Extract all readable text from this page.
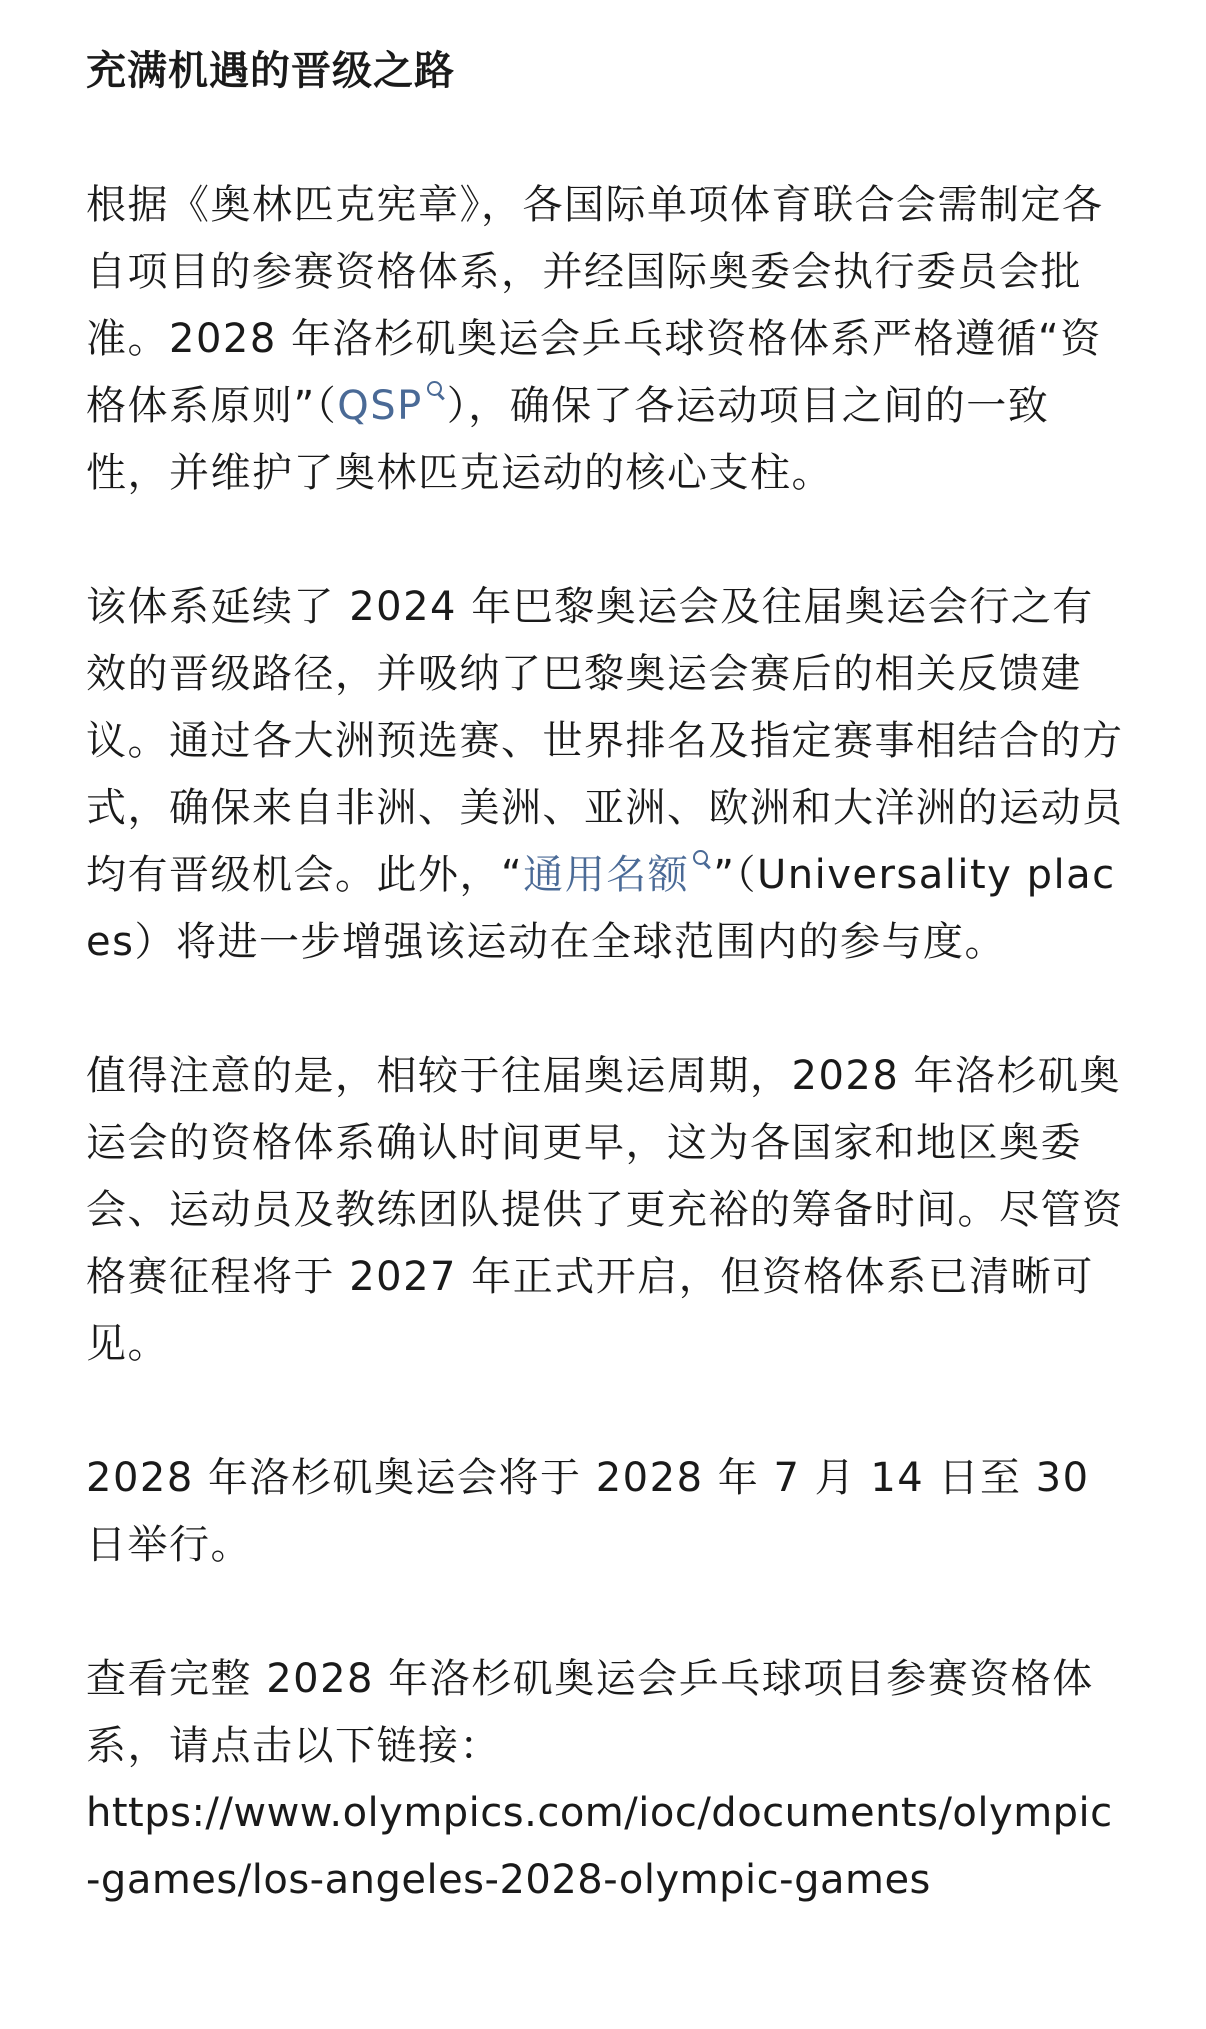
充满机遇的晋级之路

根据《奥林匹克宪章》，各国际单项体育联合会需制定各自项目的参赛资格体系，并经国际奥委会执行委员会批准。2028 年洛杉矶奥运会乒乓球资格体系严格遵循“资格体系原则”（QSP ），确保了各运动项目之间的一致性，并维护了奥林匹克运动的核心支柱。

该体系延续了 2024 年巴黎奥运会及往届奥运会行之有效的晋级路径，并吸纳了巴黎奥运会赛后的相关反馈建议。通过各大洲预选赛、世界排名及指定赛事相结合的方式，确保来自非洲、美洲、亚洲、欧洲和大洋洲的运动员均有晋级机会。此外，“通用名额 ”（Universality places）将进一步增强该运动在全球范围内的参与度。

值得注意的是，相较于往届奥运周期，2028 年洛杉矶奥运会的资格体系确认时间更早，这为各国家和地区奥委会、运动员及教练团队提供了更充裕的筹备时间。尽管资格赛征程将于 2027 年正式开启，但资格体系已清晰可见。

2028 年洛杉矶奥运会将于 2028 年 7 月 14 日至 30 日举行。

查看完整 2028 年洛杉矶奥运会乒乓球项目参赛资格体系，请点击以下链接：
https://www.olympics.com/ioc/documents/olympic-games/los-angeles-2028-olympic-games
